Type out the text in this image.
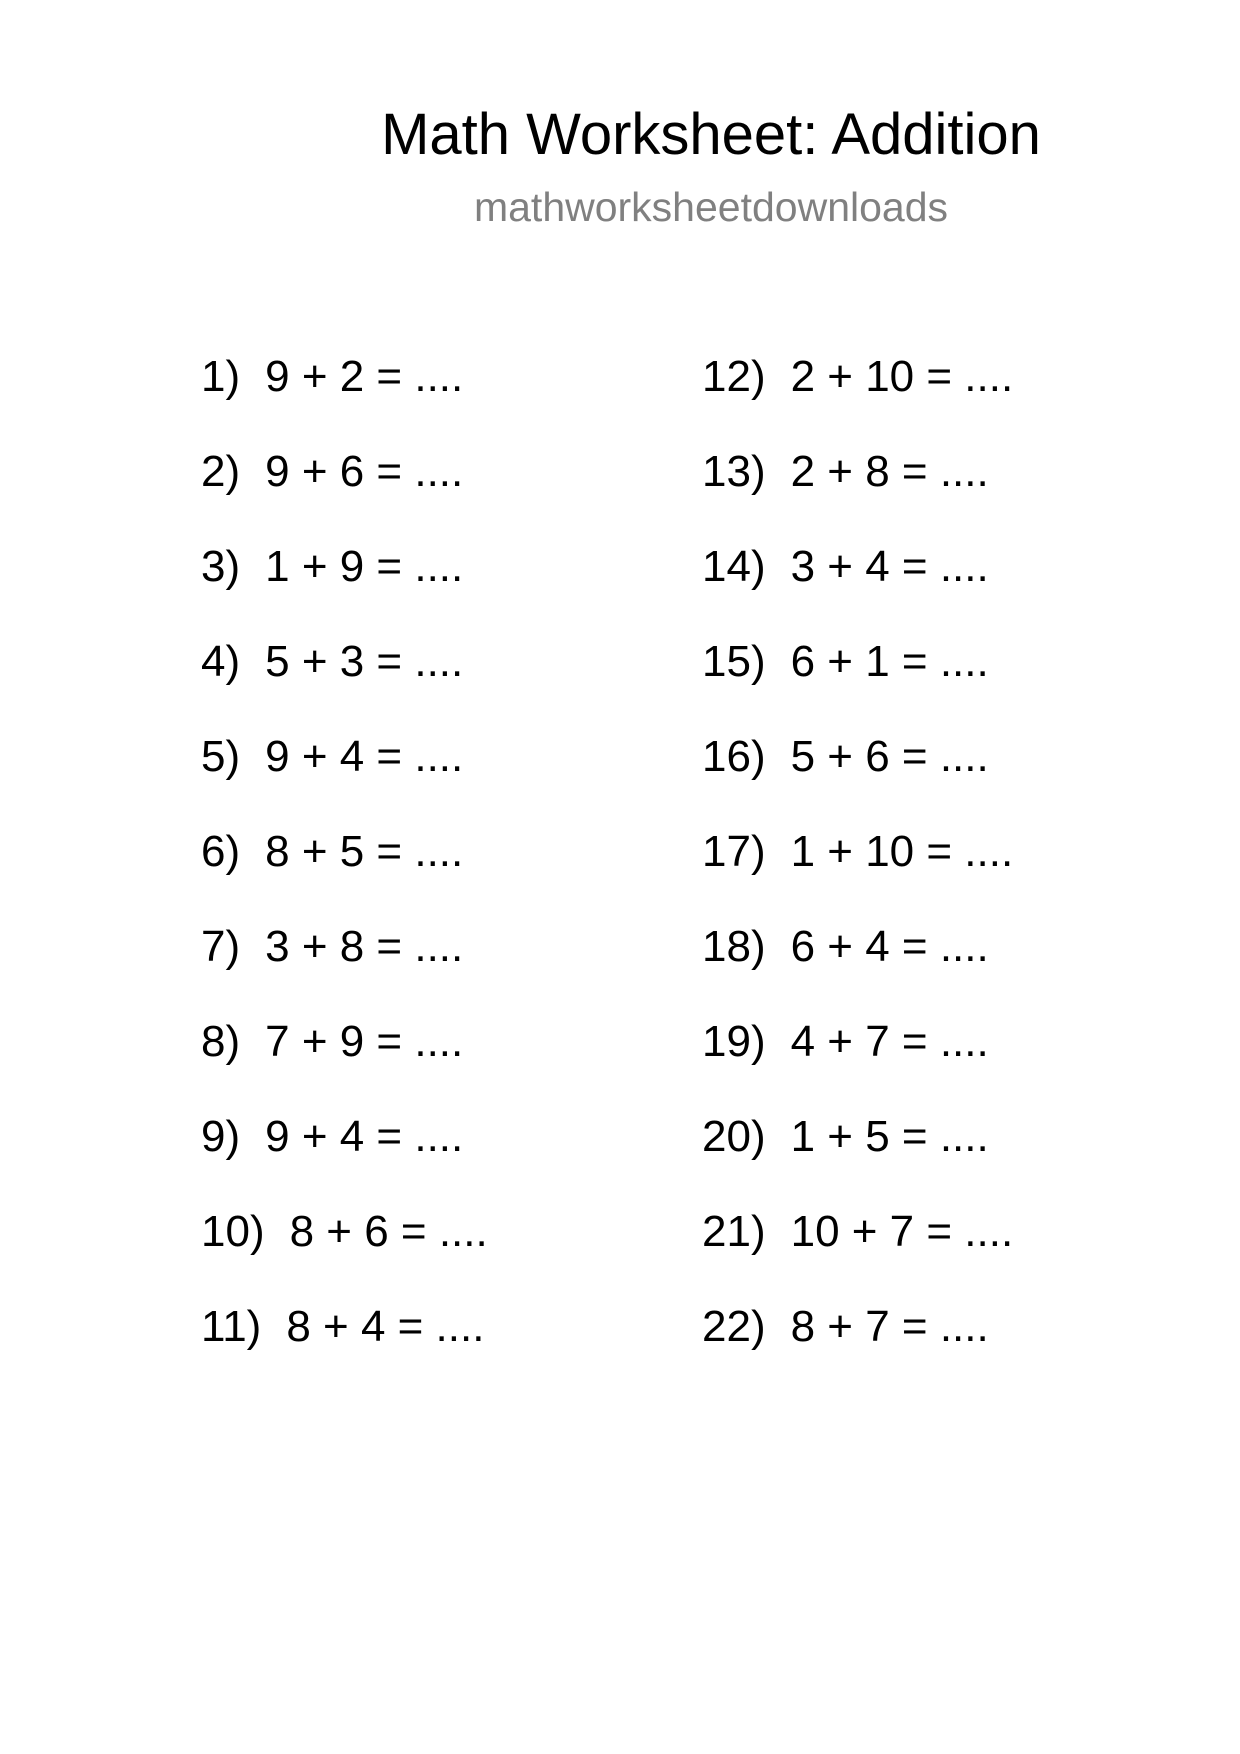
Math Worksheet: Addition
mathworksheetdownloads
1) 9 + 2 = ....
2) 9 + 6 = ....
3) 1 + 9 = ....
4) 5 + 3 = ....
5) 9 + 4 = ....
6) 8 + 5 = ....
7) 3 + 8 = ....
8) 7 + 9 = ....
9) 9 + 4 = ....
10) 8 + 6 = ....
11) 8 + 4 = ....
12) 2 + 10 = ....
13) 2 + 8 = ....
14) 3 + 4 = ....
15) 6 + 1 = ....
16) 5 + 6 = ....
17) 1 + 10 = ....
18) 6 + 4 = ....
19) 4 + 7 = ....
20) 1 + 5 = ....
21) 10 + 7 = ....
22) 8 + 7 = ....
